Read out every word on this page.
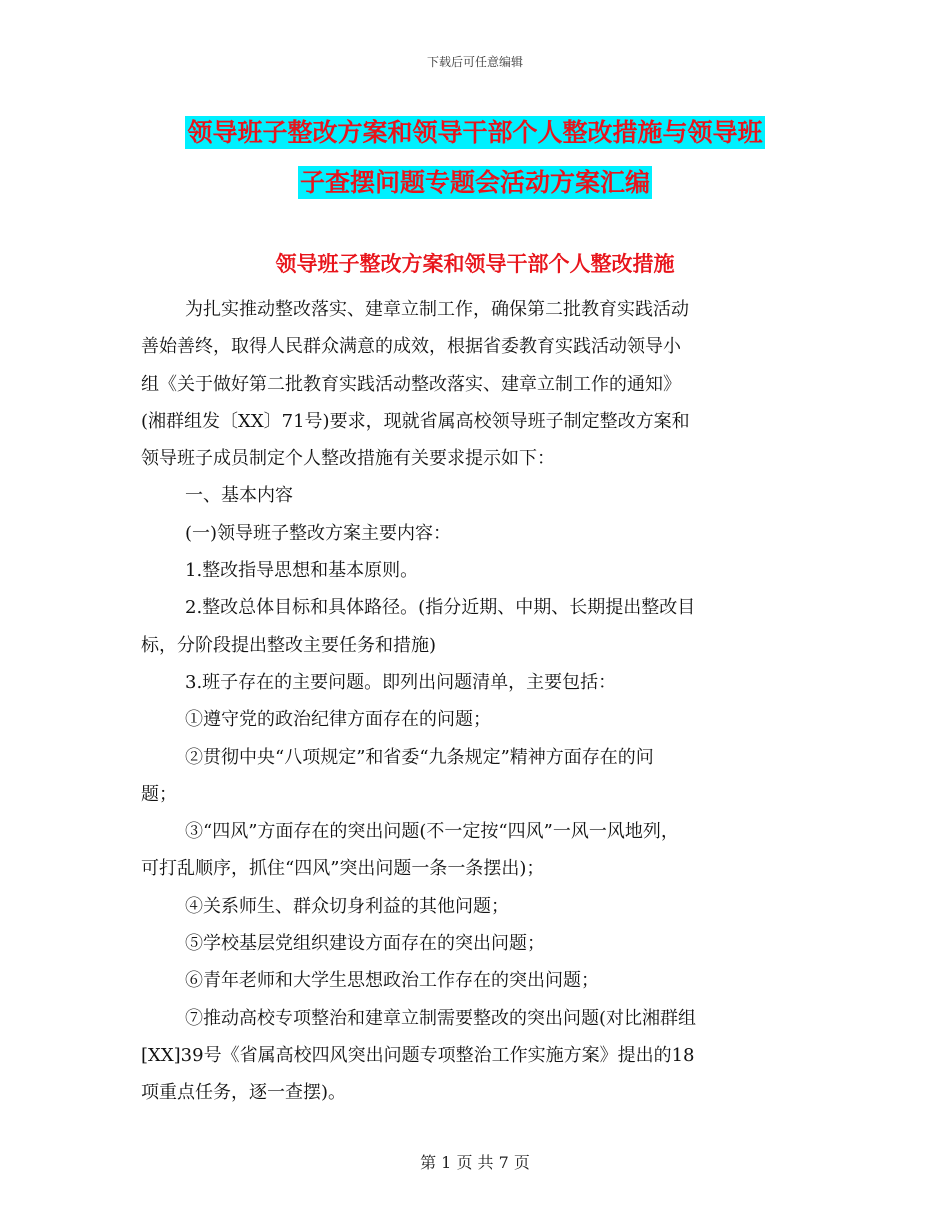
下载后可任意编辑
领导班子整改方案和领导干部个人整改措施与领导班
子查摆问题专题会活动方案汇编
领导班子整改方案和领导干部个人整改措施
为扎实推动整改落实、建章立制工作，确保第二批教育实践活动
善始善终，取得人民群众满意的成效，根据省委教育实践活动领导小
组《关于做好第二批教育实践活动整改落实、建章立制工作的通知》
(湘群组发〔XX〕71号)要求，现就省属高校领导班子制定整改方案和
领导班子成员制定个人整改措施有关要求提示如下：
一、基本内容
(一)领导班子整改方案主要内容：
1.整改指导思想和基本原则。
2.整改总体目标和具体路径。(指分近期、中期、长期提出整改目
标，分阶段提出整改主要任务和措施)
3.班子存在的主要问题。即列出问题清单，主要包括：
①遵守党的政治纪律方面存在的问题；
②贯彻中央“八项规定”和省委“九条规定”精神方面存在的问
题；
③“四风”方面存在的突出问题(不一定按“四风”一风一风地列，
可打乱顺序，抓住“四风”突出问题一条一条摆出)；
④关系师生、群众切身利益的其他问题；
⑤学校基层党组织建设方面存在的突出问题；
⑥青年老师和大学生思想政治工作存在的突出问题；
⑦推动高校专项整治和建章立制需要整改的突出问题(对比湘群组
[XX]39号《省属高校四风突出问题专项整治工作实施方案》提出的18
项重点任务，逐一查摆)。
第 1 页 共 7 页
